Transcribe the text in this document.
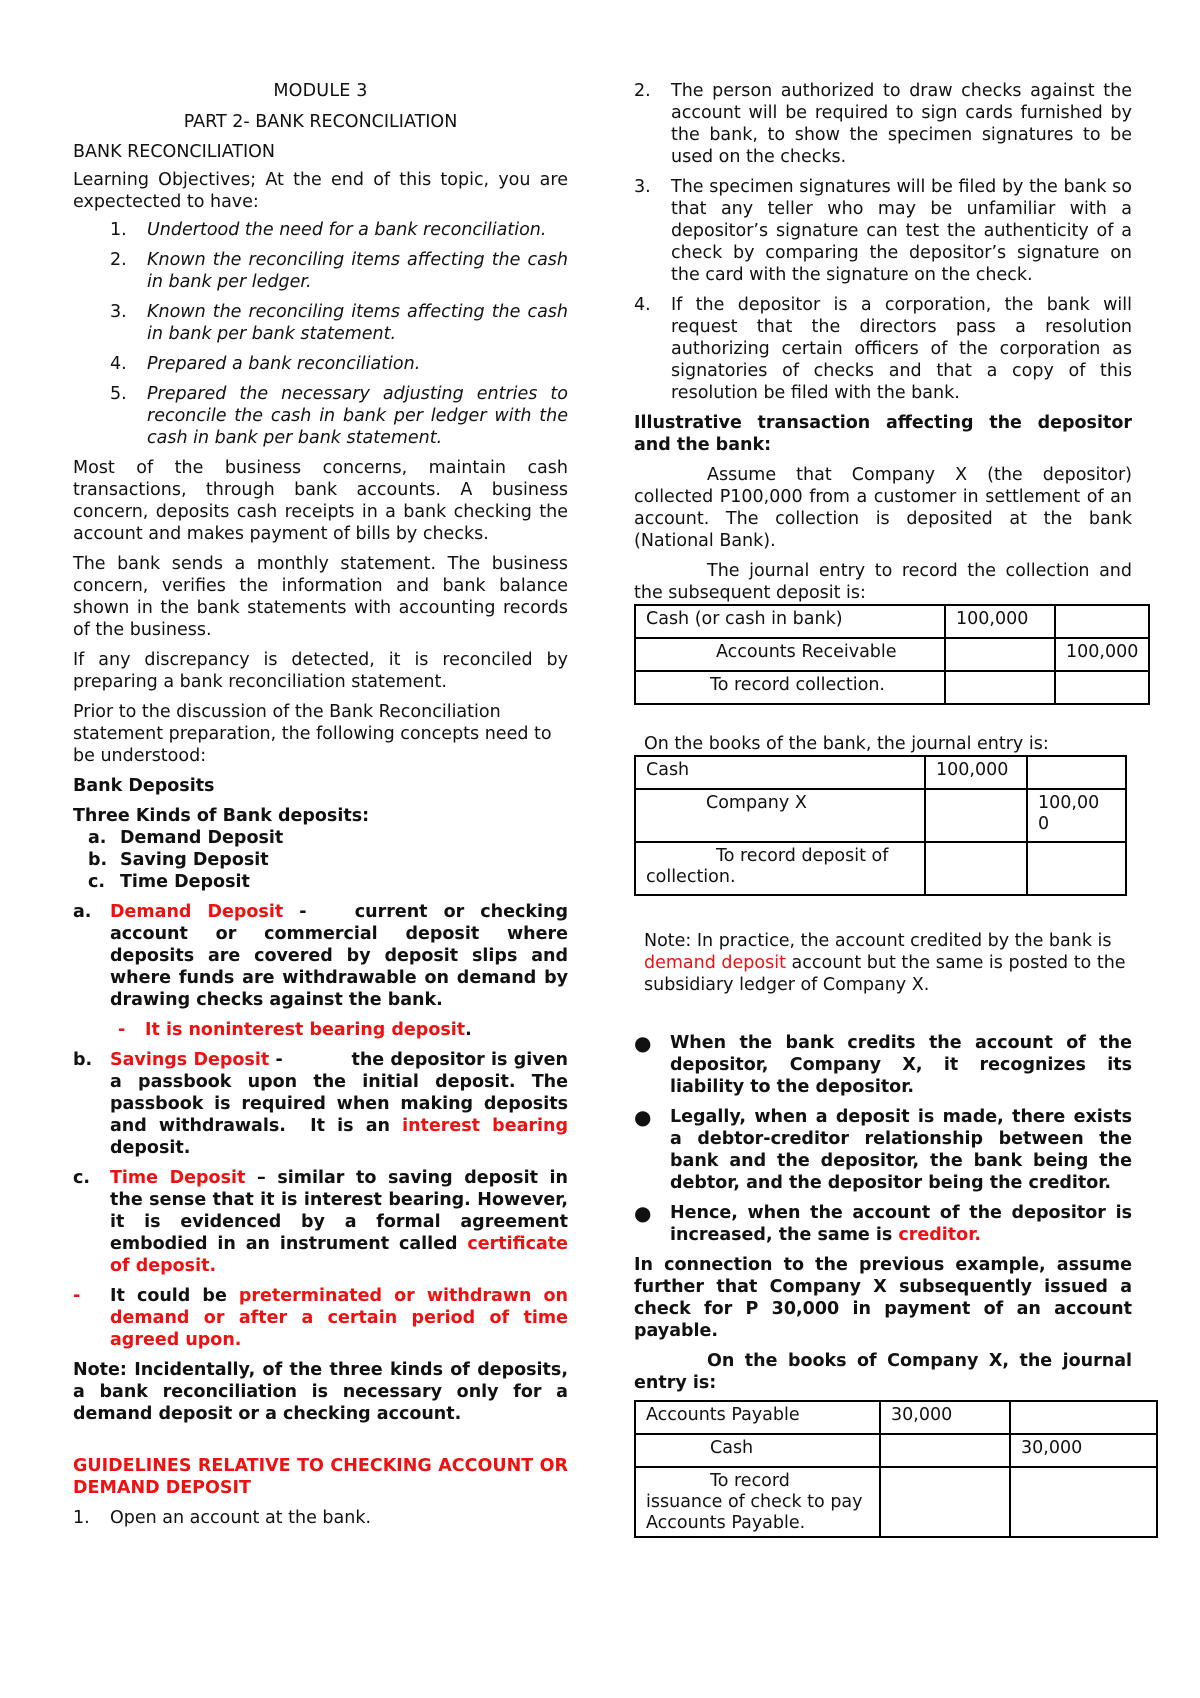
MODULE 3

PART 2- BANK RECONCILIATION

BANK RECONCILIATION

Learning Objectives; At the end of this topic, you are expectected to have:

1.	Undertood the need for a bank reconciliation.
2.	Known the reconciling items affecting the cash in bank per ledger.
3.	Known the reconciling items affecting the cash in bank per bank statement.
4.	Prepared a bank reconciliation.
5.	Prepared the necessary adjusting entries to reconcile the cash in bank per ledger with the cash in bank per bank statement.

Most of the business concerns, maintain cash transactions, through bank accounts. A business concern, deposits cash receipts in a bank checking the account and makes payment of bills by checks.

The bank sends a monthly statement. The business concern, verifies the information and bank balance shown in the bank statements with accounting records of the business.

If any discrepancy is detected, it is reconciled by preparing a bank reconciliation statement.

Prior to the discussion of the Bank Reconciliation statement preparation, the following concepts need to be understood:

Bank Deposits

Three Kinds of Bank deposits:

a. Demand Deposit
b. Saving Deposit
c. Time Deposit
a.	Demand Deposit -   current or checking account or commercial deposit where deposits are covered by deposit slips and where funds are withdrawable on demand by drawing checks against the bank.
-	It is noninterest bearing deposit.
b.	Savings Deposit -           the depositor is given a passbook upon the initial deposit. The passbook is required when making deposits and withdrawals.  It is an interest bearing deposit.
c.	Time Deposit – similar to saving deposit in the sense that it is interest bearing. However, it is evidenced by a formal agreement embodied in an instrument called certificate of deposit.
-	It could be preterminated or withdrawn on demand or after a certain period of time agreed upon.

Note: Incidentally, of the three kinds of deposits, a bank reconciliation is necessary only for a demand deposit or a checking account.

GUIDELINES RELATIVE TO CHECKING ACCOUNT OR DEMAND DEPOSIT

1.	Open an account at the bank.
2.	The person authorized to draw checks against the account will be required to sign cards furnished by the bank, to show the specimen signatures to be used on the checks.
3.	The specimen signatures will be filed by the bank so that any teller who may be unfamiliar with a depositor’s signature can test the authenticity of a check by comparing the depositor’s signature on the card with the signature on the check.
4.	If the depositor is a corporation, the bank will request that the directors pass a resolution authorizing certain officers of the corporation as signatories of checks and that a copy of this resolution be filed with the bank.

Illustrative transaction affecting the depositor and the bank:

Assume that Company X (the depositor) collected P100,000 from a customer in settlement of an account. The collection is deposited at the bank (National Bank).

The journal entry to record the collection and the subsequent deposit is:

Cash (or cash in bank)	100,000	
Accounts Receivable		100,000
To record collection.		

On the books of the bank, the journal entry is:

Cash	100,000	
Company X		100,00
0
To record deposit of collection.		

Note: In practice, the account credited by the bank is demand deposit account but the same is posted to the subsidiary ledger of Company X.

●	When the bank credits the account of the depositor, Company X, it recognizes its liability to the depositor.
●	Legally, when a deposit is made, there exists a debtor-creditor relationship between the bank and the depositor, the bank being the debtor, and the depositor being the creditor.
●	Hence, when the account of the depositor is increased, the same is creditor.

In connection to the previous example, assume further that Company X subsequently issued a check for P 30,000 in payment of an account payable.

On the books of Company X, the journal entry is:

Accounts Payable	30,000	
Cash		30,000
To record issuance of check to pay Accounts Payable.		
